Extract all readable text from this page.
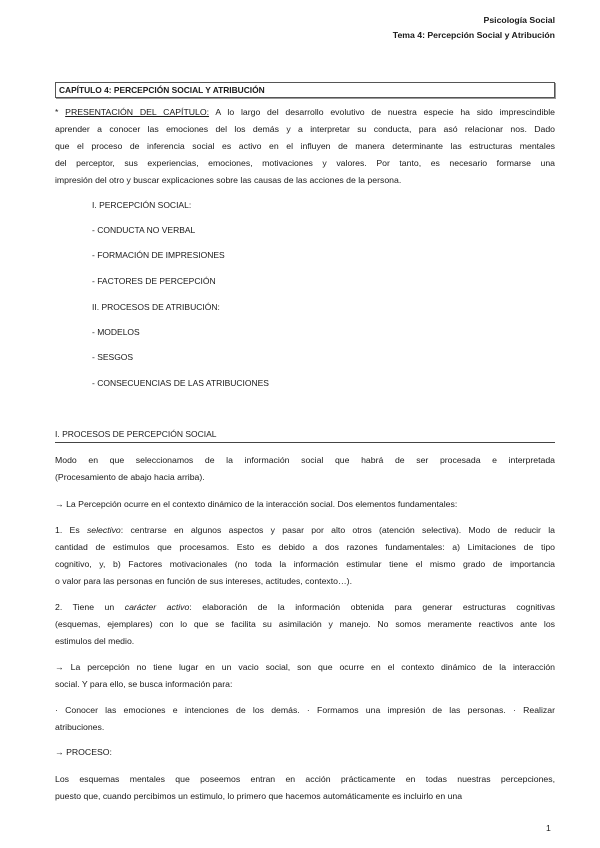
Psicología Social
Tema 4: Percepción Social y Atribución
CAPÍTULO 4: PERCEPCIÓN SOCIAL Y ATRIBUCIÓN
* PRESENTACIÓN DEL CAPÍTULO: A lo largo del desarrollo evolutivo de nuestra especie ha sido imprescindible
aprender a conocer las emociones del los demás y a interpretar su conducta, para asó relacionar nos. Dado
que el proceso de inferencia social es activo en el influyen de manera determinante las estructuras mentales
del perceptor, sus experiencias, emociones, motivaciones y valores. Por tanto, es necesario formarse una
impresión del otro y buscar explicaciones sobre las causas de las acciones de la persona.
I. PERCEPCIÓN SOCIAL:
- CONDUCTA NO VERBAL
- FORMACIÓN DE IMPRESIONES
- FACTORES DE PERCEPCIÓN
II. PROCESOS DE ATRIBUCIÓN:
- MODELOS
- SESGOS
- CONSECUENCIAS DE LAS ATRIBUCIONES
I. PROCESOS DE PERCEPCIÓN SOCIAL
Modo en que seleccionamos de la información social que habrá de ser procesada e interpretada
(Procesamiento de abajo hacia arriba).
→ La Percepción ocurre en el contexto dinámico de la interacción social. Dos elementos fundamentales:
1. Es selectivo: centrarse en algunos aspectos y pasar por alto otros (atención selectiva). Modo de reducir la
cantidad de estimulos que procesamos. Esto es debido a dos razones fundamentales: a) Limitaciones de tipo
cognitivo, y, b) Factores motivacionales (no toda la información estimular tiene el mismo grado de importancia
o valor para las personas en función de sus intereses, actitudes, contexto…).
2. Tiene un carácter activo: elaboración de la información obtenida para generar estructuras cognitivas
(esquemas, ejemplares) con lo que se facilita su asimilación y manejo. No somos meramente reactivos ante los
estimulos del medio.
→ La percepción no tiene lugar en un vacio social, son que ocurre en el contexto dinámico de la interacción
social. Y para ello, se busca información para:
· Conocer las emociones e intenciones de los demás. · Formamos una impresión de las personas. · Realizar
atribuciones.
→ PROCESO:
Los esquemas mentales que poseemos entran en acción prácticamente en todas nuestras percepciones,
puesto que, cuando percibimos un estimulo, lo primero que hacemos automáticamente es incluirlo en una
1
